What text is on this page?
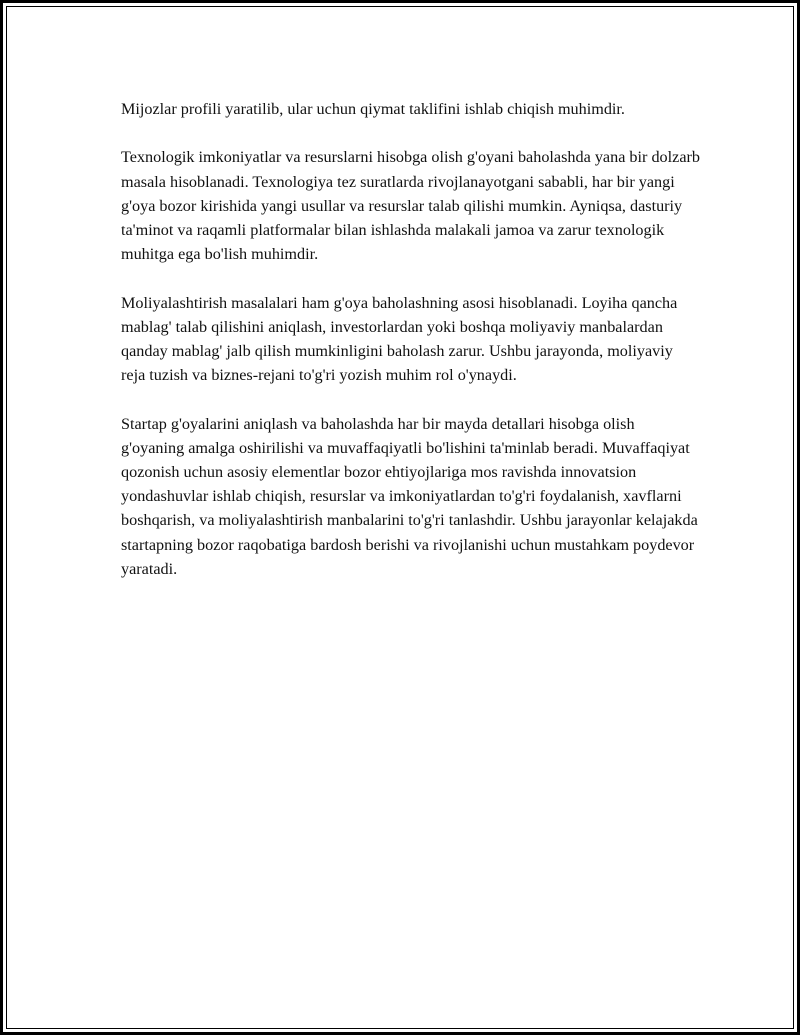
Mijozlar profili yaratilib, ular uchun qiymat taklifini ishlab chiqish muhimdir.

Texnologik imkoniyatlar va resurslarni hisobga olish g'oyani baholashda yana bir dolzarb masala hisoblanadi. Texnologiya tez suratlarda rivojlanayotgani sababli, har bir yangi g'oya bozor kirishida yangi usullar va resurslar talab qilishi mumkin. Ayniqsa, dasturiy ta'minot va raqamli platformalar bilan ishlashda malakali jamoa va zarur texnologik muhitga ega bo'lish muhimdir.

Moliyalashtirish masalalari ham g'oya baholashning asosi hisoblanadi. Loyiha qancha mablag' talab qilishini aniqlash, investorlardan yoki boshqa moliyaviy manbalardan qanday mablag' jalb qilish mumkinligini baholash zarur. Ushbu jarayonda, moliyaviy reja tuzish va biznes-rejani to'g'ri yozish muhim rol o'ynaydi.

Startap g'oyalarini aniqlash va baholashda har bir mayda detallari hisobga olish g'oyaning amalga oshirilishi va muvaffaqiyatli bo'lishini ta'minlab beradi. Muvaffaqiyat qozonish uchun asosiy elementlar bozor ehtiyojlariga mos ravishda innovatsion yondashuvlar ishlab chiqish, resurslar va imkoniyatlardan to'g'ri foydalanish, xavflarni boshqarish, va moliyalashtirish manbalarini to'g'ri tanlashdir. Ushbu jarayonlar kelajakda startapning bozor raqobatiga bardosh berishi va rivojlanishi uchun mustahkam poydevor yaratadi.
